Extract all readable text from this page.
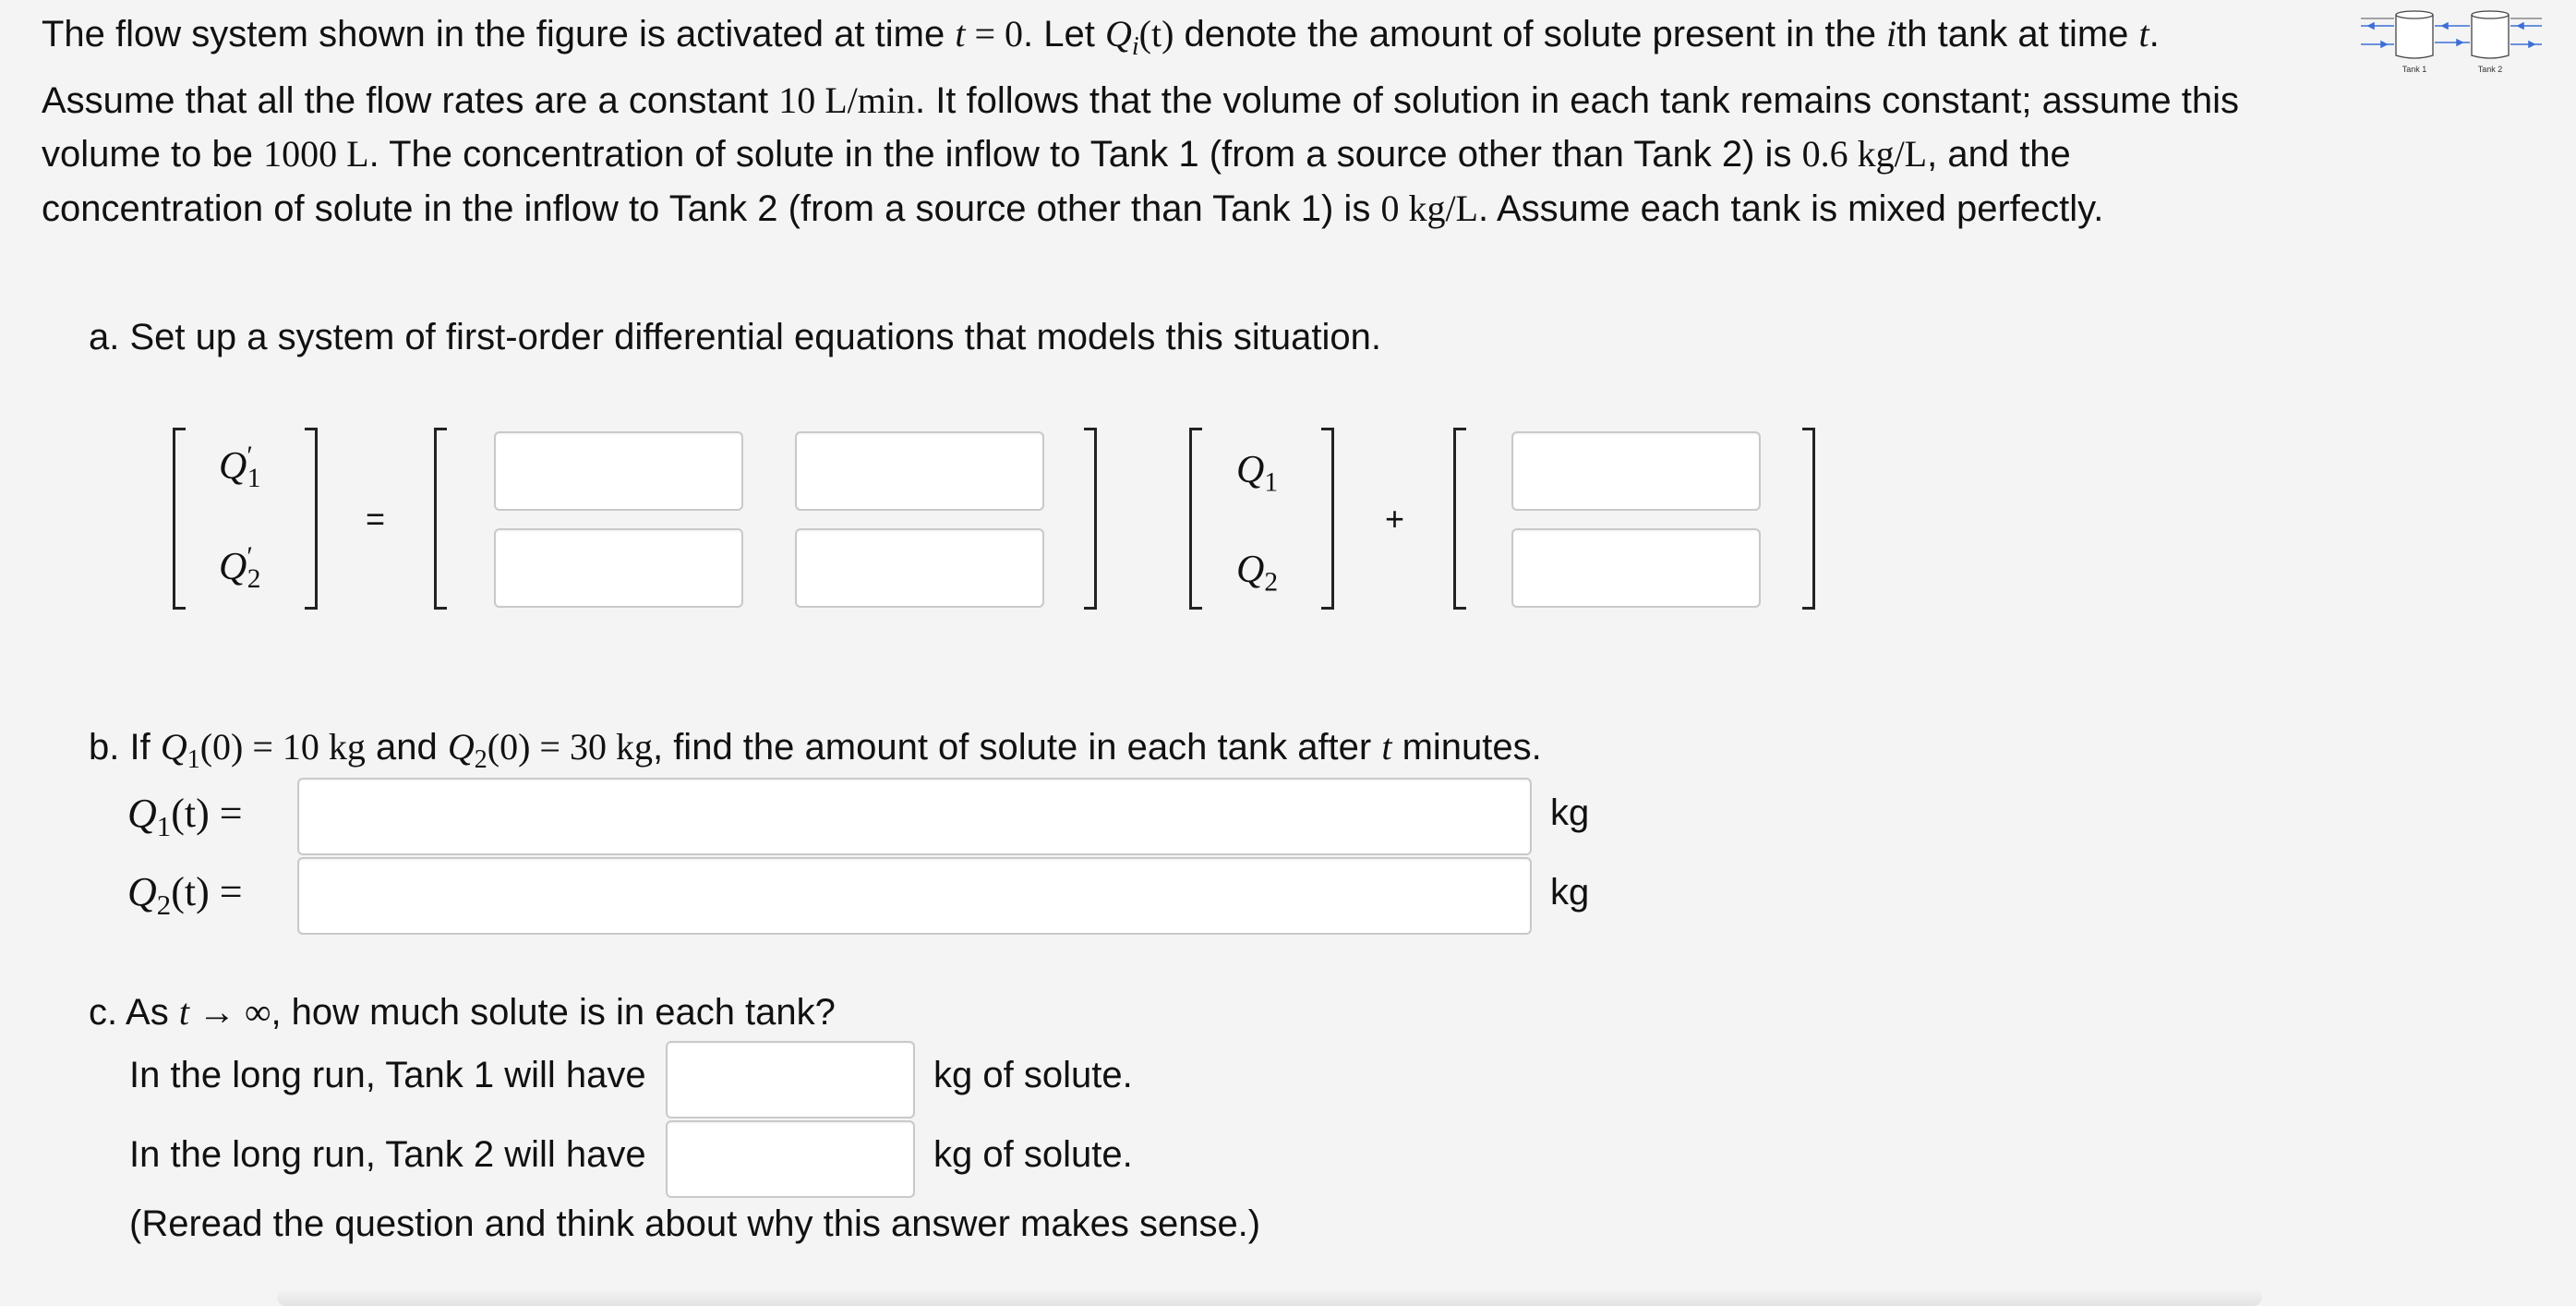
The flow system shown in the figure is activated at time t = 0. Let $Q_i(t)$ denote the amount of solute present in the ith tank at time t. Assume that all the flow rates are a constant 10 L/min. It follows that the volume of solution in each tank remains constant; assume this volume to be 1000 L. The concentration of solute in the inflow to Tank 1 (from a source other than Tank 2) is 0.6 kg/L, and the concentration of solute in the inflow to Tank 2 (from a source other than Tank 1) is 0 kg/L. Assume each tank is mixed perfectly.
Tank 1	Tank 2
a. Set up a system of first-order differential equations that models this situation.
$Q'_1$
$Q'_2$
=
$Q_1$
$Q_2$
+
b. If $Q_1(0) = 10$ kg and $Q_2(0) = 30$ kg, find the amount of solute in each tank after t minutes.
$Q_1(t)$ =	kg
$Q_2(t)$ =	kg
c. As t → ∞, how much solute is in each tank?
In the long run, Tank 1 will have	kg of solute.
In the long run, Tank 2 will have	kg of solute.
(Reread the question and think about why this answer makes sense.)
